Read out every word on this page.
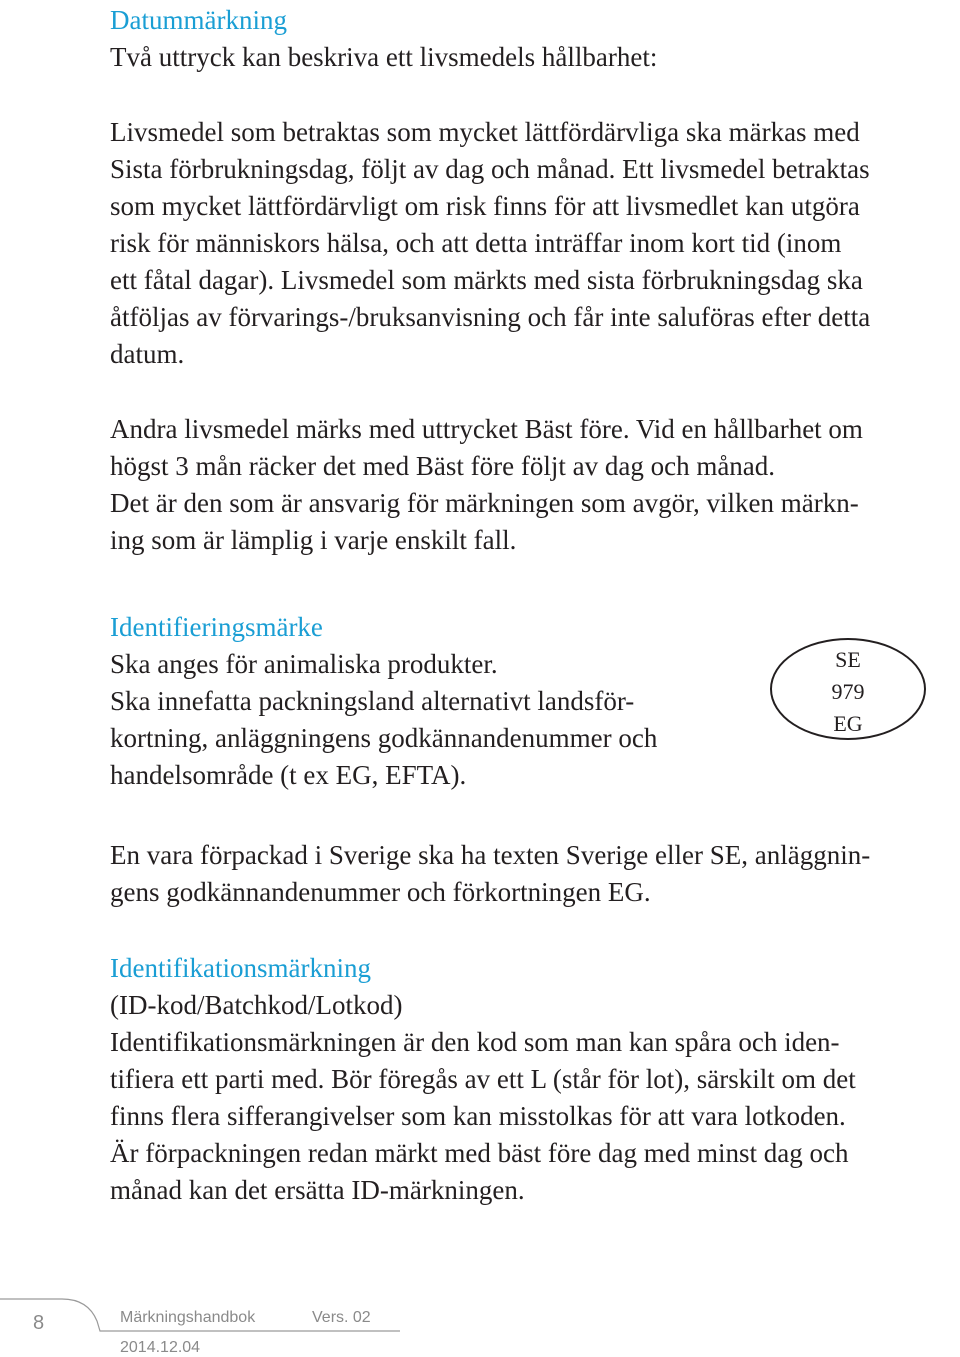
Datummärkning

Två uttryck kan beskriva ett livsmedels hållbarhet:

Livsmedel som betraktas som mycket lättfördärvliga ska märkas med

Sista förbrukningsdag, följt av dag och månad. Ett livsmedel betraktas

som mycket lättfördärvligt om risk finns för att livsmedlet kan utgöra

risk för människors hälsa, och att detta inträffar inom kort tid (inom

ett fåtal dagar). Livsmedel som märkts med sista förbrukningsdag ska

åtföljas av förvarings-/bruksanvisning och får inte saluföras efter detta

datum.

Andra livsmedel märks med uttrycket Bäst före. Vid en hållbarhet om

högst 3 mån räcker det med Bäst före följt av dag och månad.

Det är den som är ansvarig för märkningen som avgör, vilken märkn-

ing som är lämplig i varje enskilt fall.

Identifieringsmärke

Ska anges för animaliska produkter.

Ska innefatta packningsland alternativt landsför-

kortning, anläggningens godkännandenummer och

handelsområde (t ex EG, EFTA).

En vara förpackad i Sverige ska ha texten Sverige eller SE, anläggnin-

gens godkännandenummer och förkortningen EG.

Identifikationsmärkning

(ID-kod/Batchkod/Lotkod)

Identifikationsmärkningen är den kod som man kan spåra och iden-

tifiera ett parti med. Bör föregås av ett L (står för lot), särskilt om det

finns flera sifferangivelser som kan misstolkas för att vara lotkoden.

Är förpackningen redan märkt med bäst före dag med minst dag och

månad kan det ersätta ID-märkningen.

SE
979
EG
8	Märkningshandbok	Vers. 02
2014.12.04
